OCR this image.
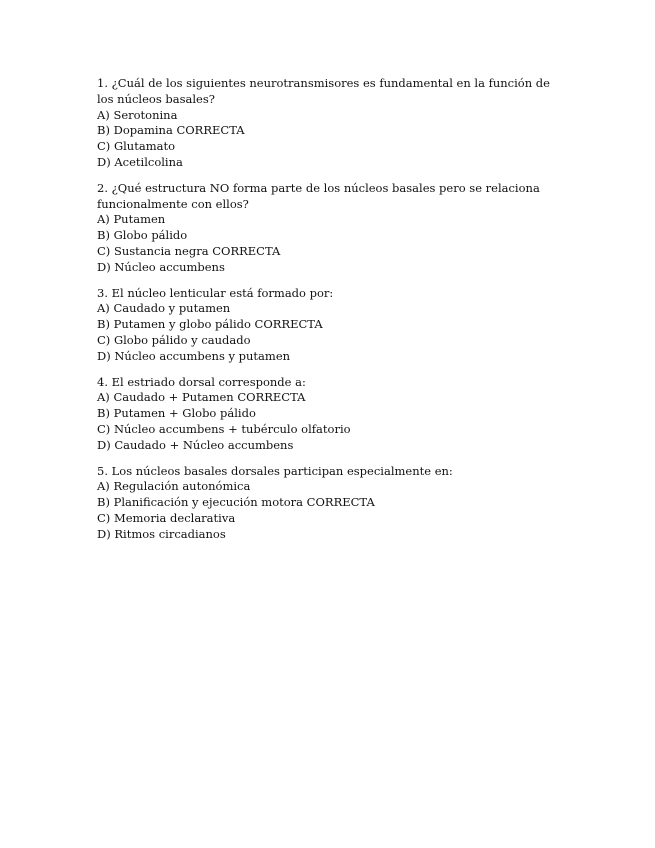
1. ¿Cuál de los siguientes neurotransmisores es fundamental en la función de los núcleos basales?

A) Serotonina

B) Dopamina CORRECTA

C) Glutamato

D) Acetilcolina

2. ¿Qué estructura NO forma parte de los núcleos basales pero se relaciona funcionalmente con ellos?

A) Putamen

B) Globo pálido

C) Sustancia negra CORRECTA

D) Núcleo accumbens

3. El núcleo lenticular está formado por:

A) Caudado y putamen

B) Putamen y globo pálido CORRECTA

C) Globo pálido y caudado

D) Núcleo accumbens y putamen

4. El estriado dorsal corresponde a:

A) Caudado + Putamen CORRECTA

B) Putamen + Globo pálido

C) Núcleo accumbens + tubérculo olfatorio

D) Caudado + Núcleo accumbens

5. Los núcleos basales dorsales participan especialmente en:

A) Regulación autonómica

B) Planificación y ejecución motora CORRECTA

C) Memoria declarativa

D) Ritmos circadianos
